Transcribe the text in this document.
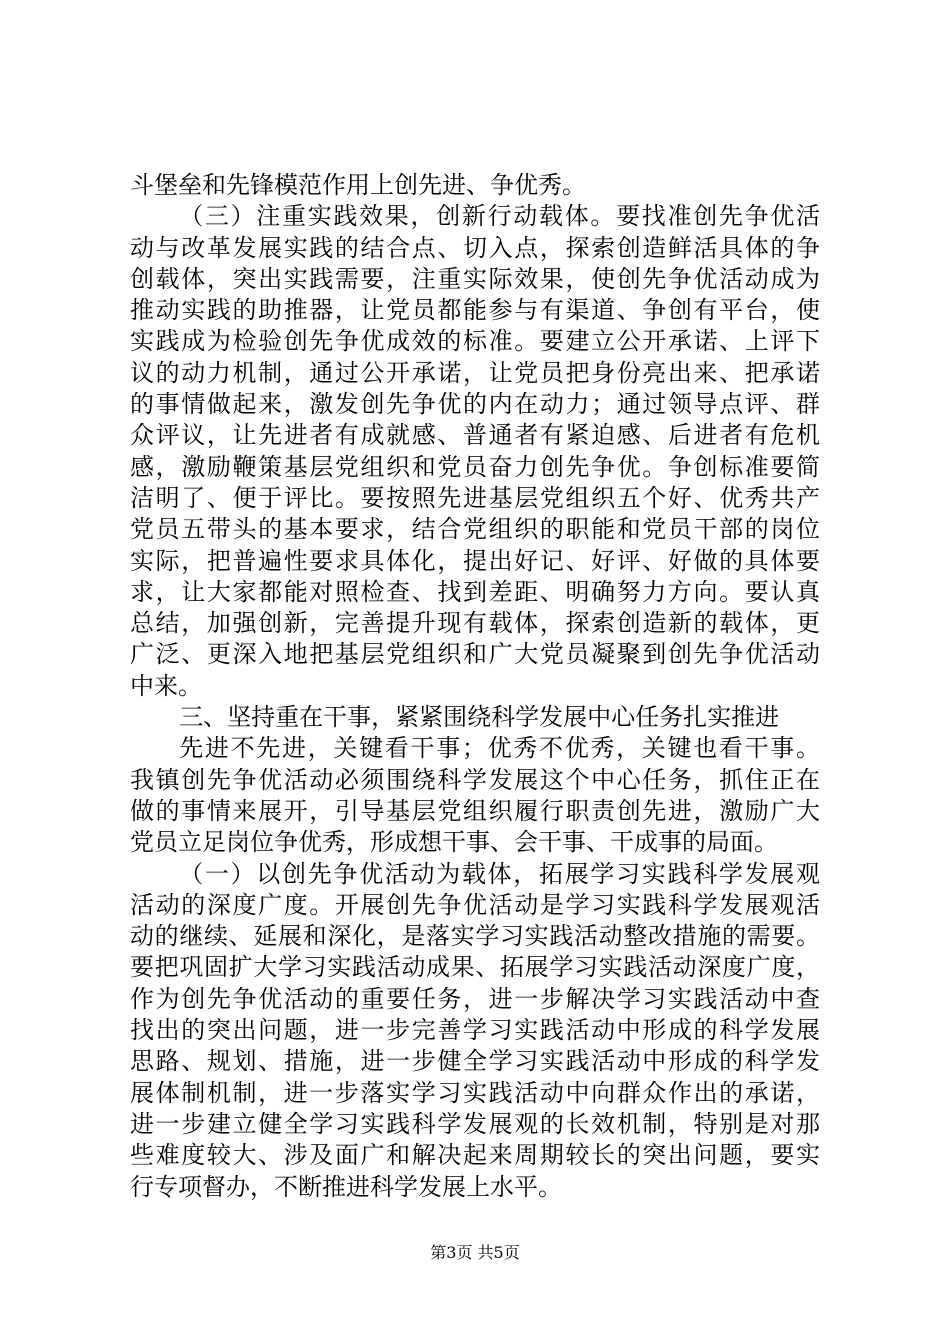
斗堡垒和先锋模范作用上创先进、争优秀。
（三）注重实践效果，创新行动载体。要找准创先争优活
动与改革发展实践的结合点、切入点，探索创造鲜活具体的争
创载体，突出实践需要，注重实际效果，使创先争优活动成为
推动实践的助推器，让党员都能参与有渠道、争创有平台，使
实践成为检验创先争优成效的标准。要建立公开承诺、上评下
议的动力机制，通过公开承诺，让党员把身份亮出来、把承诺
的事情做起来，激发创先争优的内在动力；通过领导点评、群
众评议，让先进者有成就感、普通者有紧迫感、后进者有危机
感，激励鞭策基层党组织和党员奋力创先争优。争创标准要简
洁明了、便于评比。要按照先进基层党组织五个好、优秀共产
党员五带头的基本要求，结合党组织的职能和党员干部的岗位
实际，把普遍性要求具体化，提出好记、好评、好做的具体要
求，让大家都能对照检查、找到差距、明确努力方向。要认真
总结，加强创新，完善提升现有载体，探索创造新的载体，更
广泛、更深入地把基层党组织和广大党员凝聚到创先争优活动
中来。
三、坚持重在干事，紧紧围绕科学发展中心任务扎实推进
先进不先进，关键看干事；优秀不优秀，关键也看干事。
我镇创先争优活动必须围绕科学发展这个中心任务，抓住正在
做的事情来展开，引导基层党组织履行职责创先进，激励广大
党员立足岗位争优秀，形成想干事、会干事、干成事的局面。
（一）以创先争优活动为载体，拓展学习实践科学发展观
活动的深度广度。开展创先争优活动是学习实践科学发展观活
动的继续、延展和深化，是落实学习实践活动整改措施的需要。
要把巩固扩大学习实践活动成果、拓展学习实践活动深度广度，
作为创先争优活动的重要任务，进一步解决学习实践活动中查
找出的突出问题，进一步完善学习实践活动中形成的科学发展
思路、规划、措施，进一步健全学习实践活动中形成的科学发
展体制机制，进一步落实学习实践活动中向群众作出的承诺，
进一步建立健全学习实践科学发展观的长效机制，特别是对那
些难度较大、涉及面广和解决起来周期较长的突出问题，要实
行专项督办，不断推进科学发展上水平。
第3页 共5页
